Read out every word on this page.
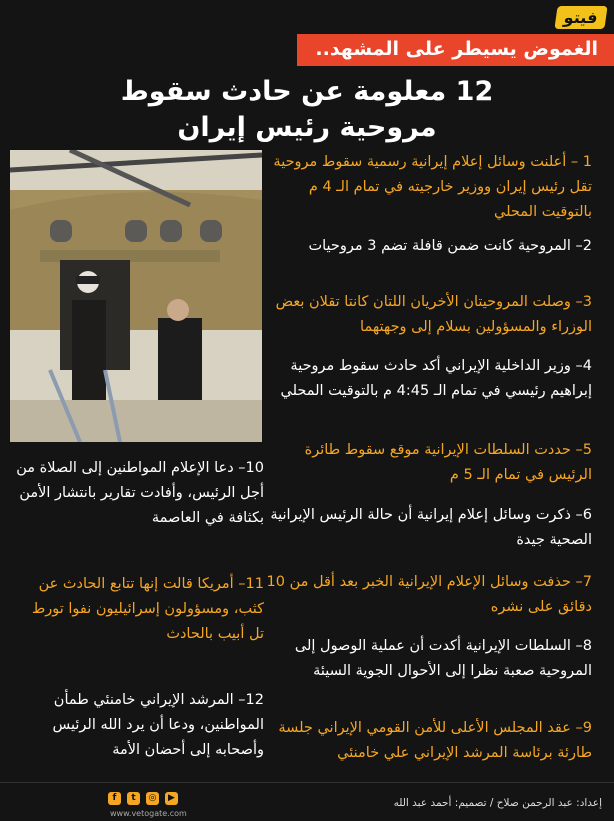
فيتو
الغموض يسيطر على المشهد..
12 معلومة عن حادث سقوط
مروحية رئيس إيران
1 – أعلنت وسائل إعلام إيرانية رسمية سقوط مروحية تقل رئيس إيران ووزير خارجيته في تمام الـ 4 م بالتوقيت المحلي
2– المروحية كانت ضمن قافلة تضم 3 مروحيات
3– وصلت المروحيتان الأخريان اللتان كانتا تقلان بعض الوزراء والمسؤولين بسلام إلى وجهتهما
4– وزير الداخلية الإيراني أكد حادث سقوط مروحية إبراهيم رئيسي في تمام الـ 4:45 م بالتوقيت المحلي
5– حددت السلطات الإيرانية موقع سقوط طائرة الرئيس في تمام الـ 5 م
6– ذكرت وسائل إعلام إيرانية أن حالة الرئيس الإيرانية الصحية جيدة
7– حذفت وسائل الإعلام الإيرانية الخبر بعد أقل من 10 دقائق على نشره
8– السلطات الإيرانية أكدت أن عملية الوصول إلى المروحية صعبة نظرا إلى الأحوال الجوية السيئة
9– عقد المجلس الأعلى للأمن القومي الإيراني جلسة طارئة برئاسة المرشد الإيراني علي خامنئي
10– دعا الإعلام المواطنين إلى الصلاة من أجل الرئيس، وأفادت تقارير بانتشار الأمن بكثافة في العاصمة
11– أمريكا قالت إنها تتابع الحادث عن كثب، ومسؤولون إسرائيليون نفوا تورط تل أبيب بالحادث
12– المرشد الإيراني خامنئي طمأن المواطنين، ودعا أن يرد الله الرئيس وأصحابه إلى أحضان الأمة
إعداد: عبد الرحمن صلاح / تصميم: أحمد عبد الله
f	t	◎	▶
www.vetogate.com
